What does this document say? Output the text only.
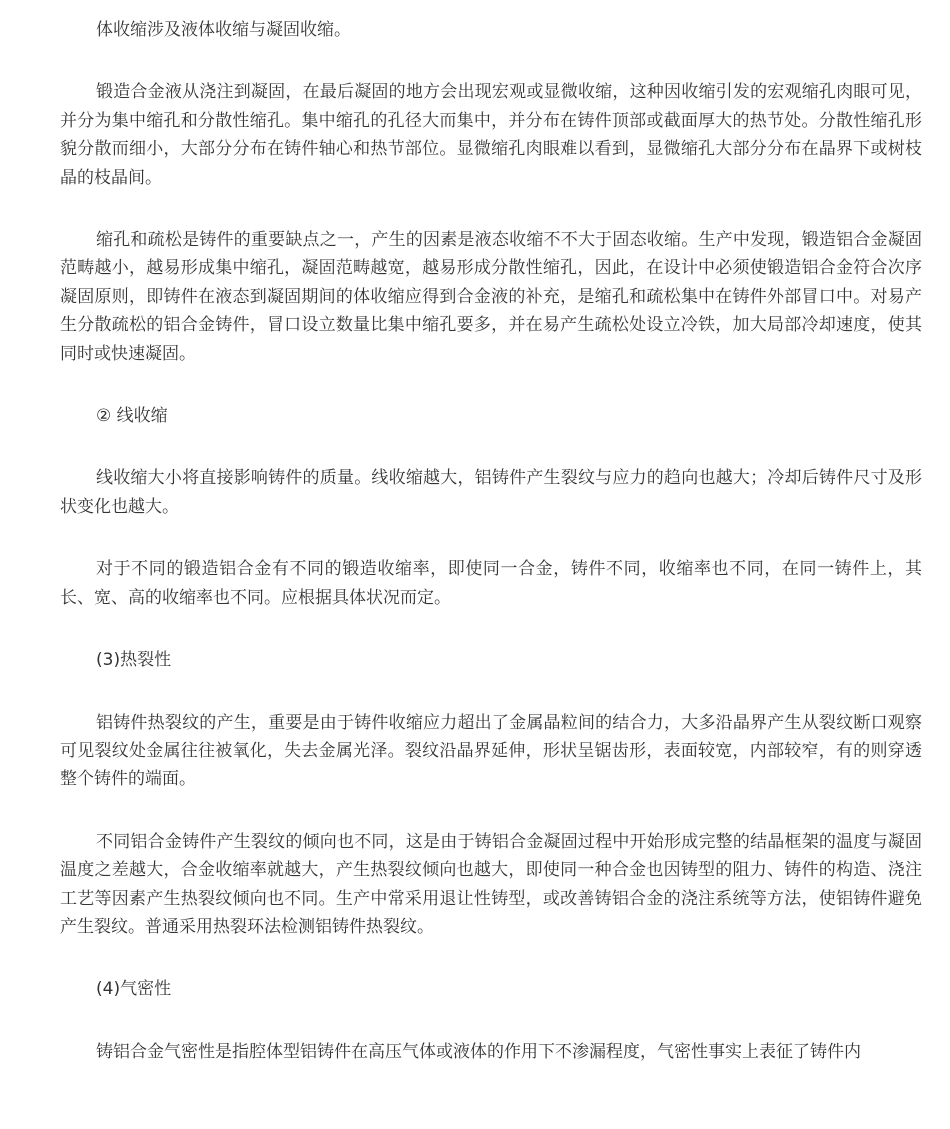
体收缩涉及液体收缩与凝固收缩。

锻造合金液从浇注到凝固，在最后凝固的地方会出现宏观或显微收缩，这种因收缩引发的宏观缩孔肉眼可见，并分为集中缩孔和分散性缩孔。集中缩孔的孔径大而集中，并分布在铸件顶部或截面厚大的热节处。分散性缩孔形貌分散而细小，大部分分布在铸件轴心和热节部位。显微缩孔肉眼难以看到，显微缩孔大部分分布在晶界下或树枝晶的枝晶间。

缩孔和疏松是铸件的重要缺点之一，产生的因素是液态收缩不不大于固态收缩。生产中发现，锻造铝合金凝固范畴越小，越易形成集中缩孔，凝固范畴越宽，越易形成分散性缩孔，因此，在设计中必须使锻造铝合金符合次序凝固原则，即铸件在液态到凝固期间的体收缩应得到合金液的补充，是缩孔和疏松集中在铸件外部冒口中。对易产生分散疏松的铝合金铸件，冒口设立数量比集中缩孔要多，并在易产生疏松处设立冷铁，加大局部冷却速度，使其同时或快速凝固。

② 线收缩

线收缩大小将直接影响铸件的质量。线收缩越大，铝铸件产生裂纹与应力的趋向也越大；冷却后铸件尺寸及形状变化也越大。

对于不同的锻造铝合金有不同的锻造收缩率，即使同一合金，铸件不同，收缩率也不同，在同一铸件上，其长、宽、高的收缩率也不同。应根据具体状况而定。

(3)热裂性

铝铸件热裂纹的产生，重要是由于铸件收缩应力超出了金属晶粒间的结合力，大多沿晶界产生从裂纹断口观察可见裂纹处金属往往被氧化，失去金属光泽。裂纹沿晶界延伸，形状呈锯齿形，表面较宽，内部较窄，有的则穿透整个铸件的端面。

不同铝合金铸件产生裂纹的倾向也不同，这是由于铸铝合金凝固过程中开始形成完整的结晶框架的温度与凝固温度之差越大，合金收缩率就越大，产生热裂纹倾向也越大，即使同一种合金也因铸型的阻力、铸件的构造、浇注工艺等因素产生热裂纹倾向也不同。生产中常采用退让性铸型，或改善铸铝合金的浇注系统等方法，使铝铸件避免产生裂纹。普通采用热裂环法检测铝铸件热裂纹。

(4)气密性

铸铝合金气密性是指腔体型铝铸件在高压气体或液体的作用下不渗漏程度，气密性事实上表征了铸件内
